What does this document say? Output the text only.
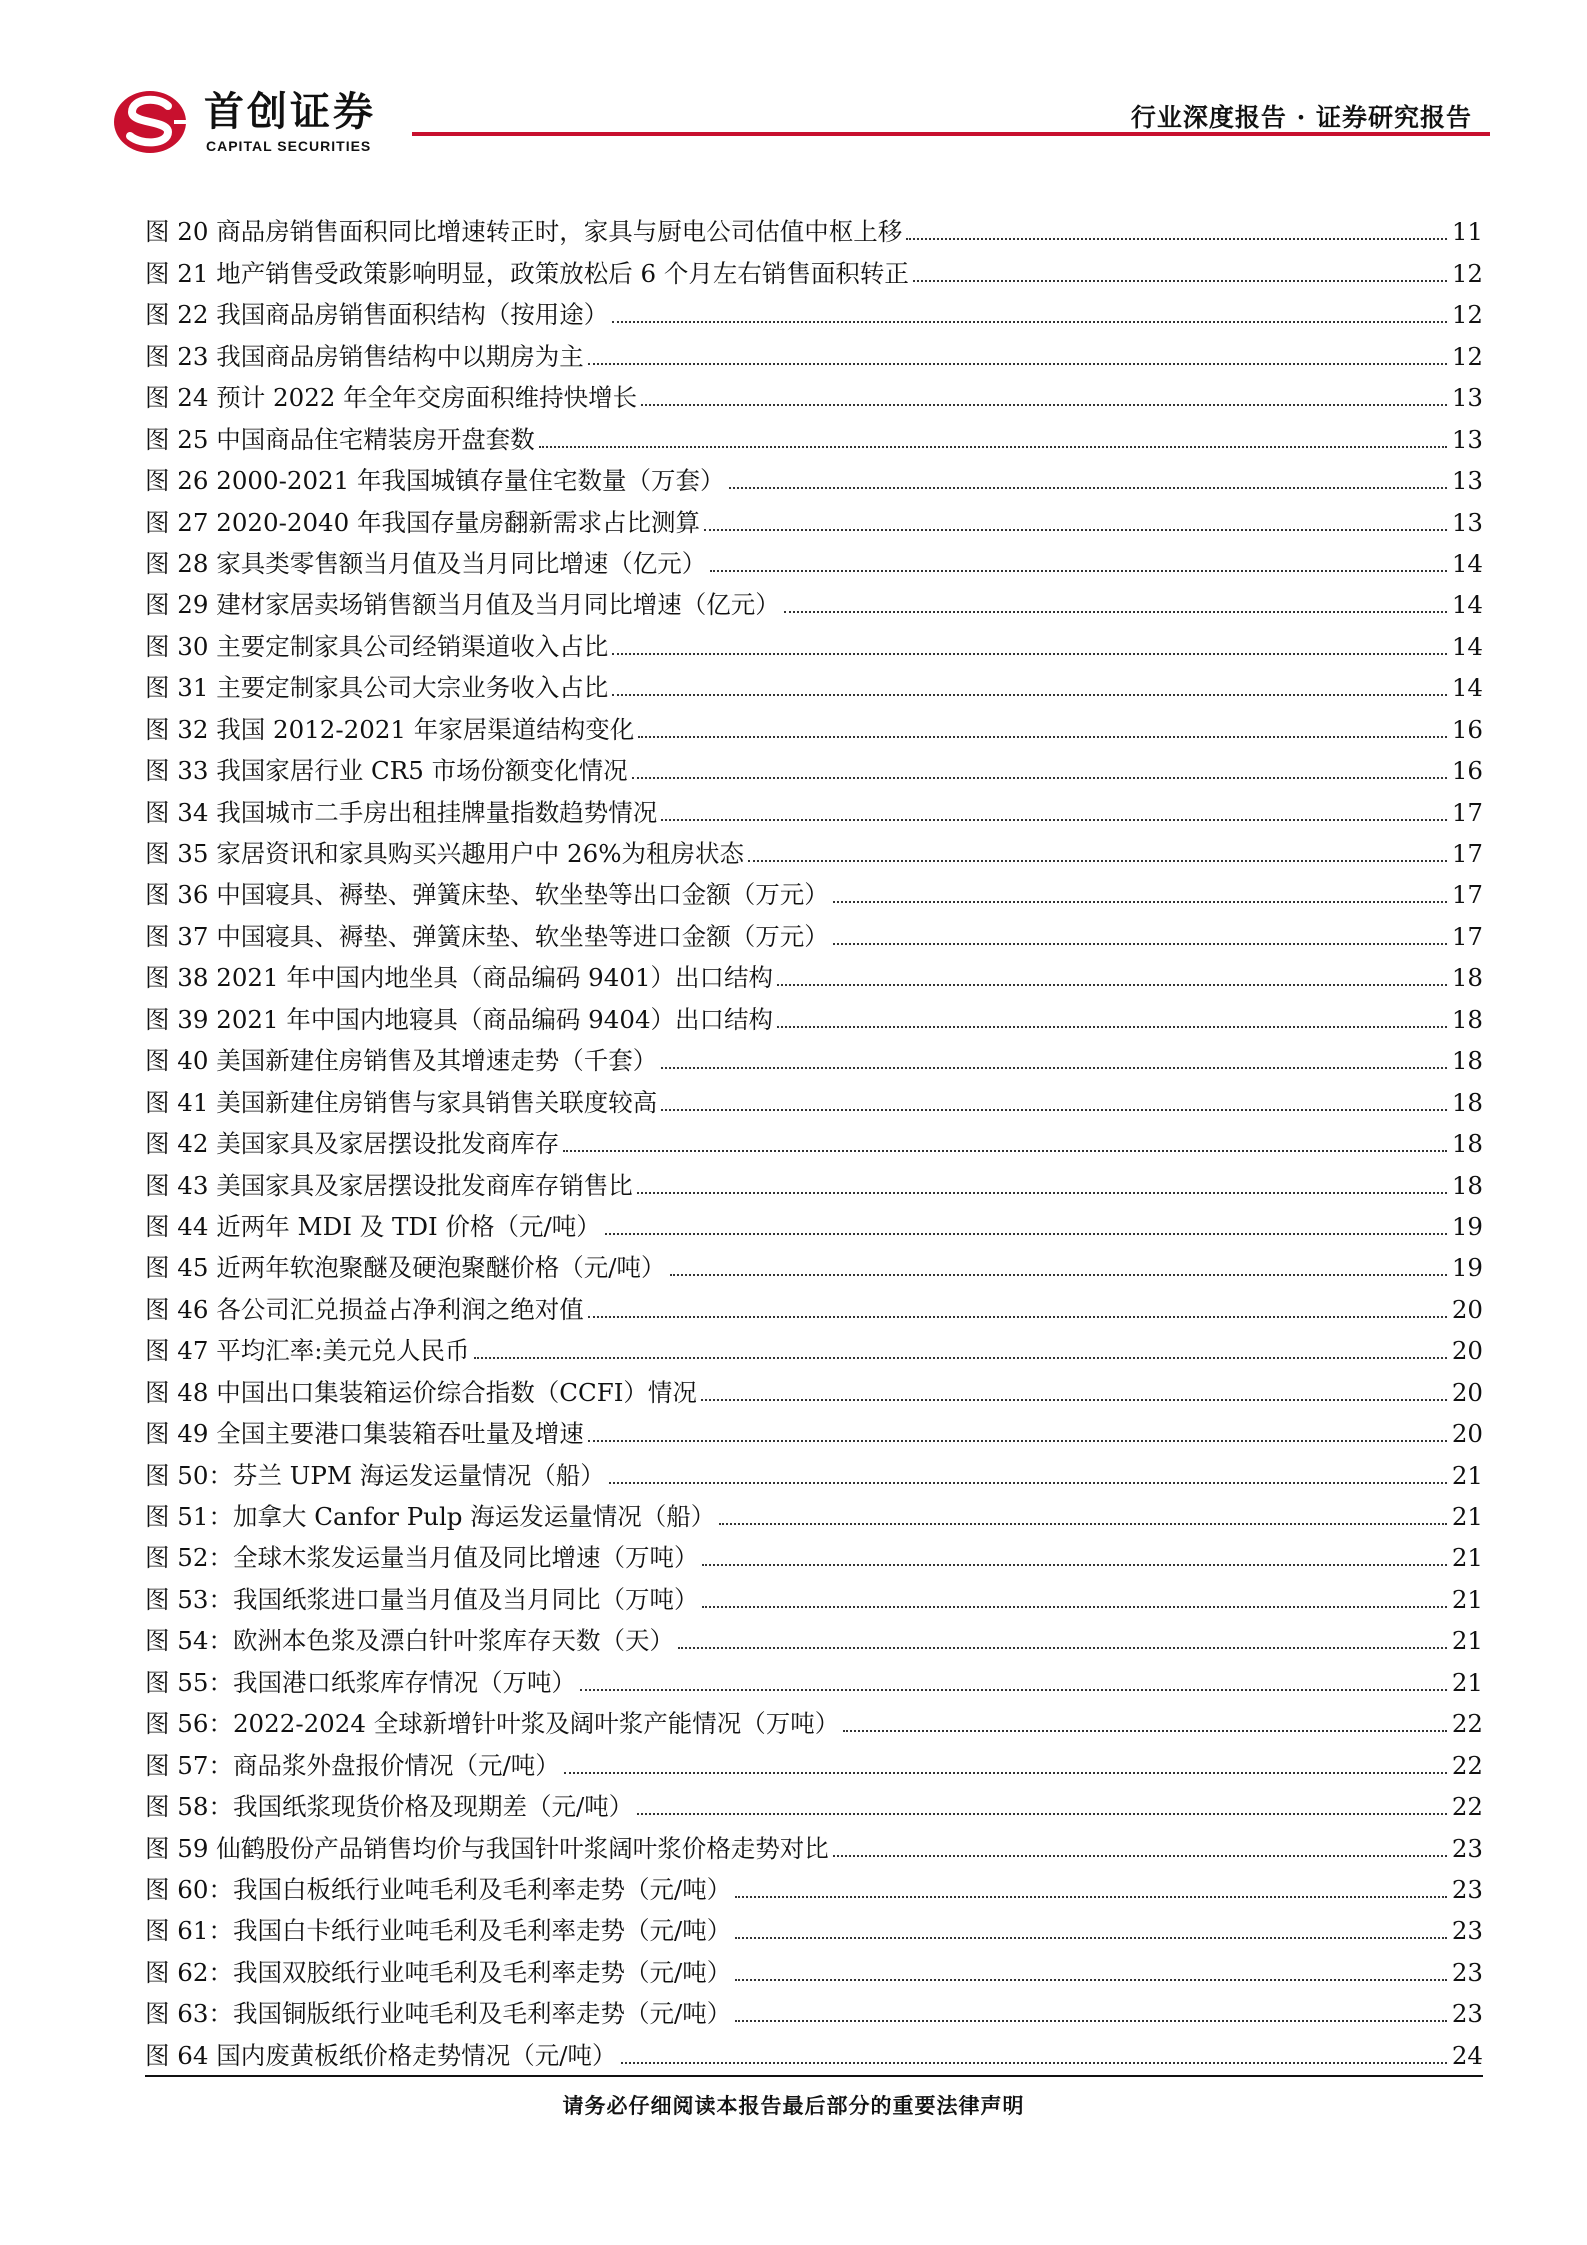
首创证券
CAPITAL SECURITIES
行业深度报告 · 证券研究报告
图 20 商品房销售面积同比增速转正时，家具与厨电公司估值中枢上移	11
图 21 地产销售受政策影响明显，政策放松后 6 个月左右销售面积转正	12
图 22 我国商品房销售面积结构（按用途）	12
图 23 我国商品房销售结构中以期房为主	12
图 24 预计 2022 年全年交房面积维持快增长	13
图 25 中国商品住宅精装房开盘套数	13
图 26 2000-2021 年我国城镇存量住宅数量（万套）	13
图 27 2020-2040 年我国存量房翻新需求占比测算	13
图 28 家具类零售额当月值及当月同比增速（亿元）	14
图 29 建材家居卖场销售额当月值及当月同比增速（亿元）	14
图 30 主要定制家具公司经销渠道收入占比	14
图 31 主要定制家具公司大宗业务收入占比	14
图 32 我国 2012-2021 年家居渠道结构变化	16
图 33 我国家居行业 CR5 市场份额变化情况	16
图 34 我国城市二手房出租挂牌量指数趋势情况	17
图 35 家居资讯和家具购买兴趣用户中 26%为租房状态	17
图 36 中国寝具、褥垫、弹簧床垫、软坐垫等出口金额（万元）	17
图 37 中国寝具、褥垫、弹簧床垫、软坐垫等进口金额（万元）	17
图 38 2021 年中国内地坐具（商品编码 9401）出口结构	18
图 39 2021 年中国内地寝具（商品编码 9404）出口结构	18
图 40 美国新建住房销售及其增速走势（千套）	18
图 41 美国新建住房销售与家具销售关联度较高	18
图 42 美国家具及家居摆设批发商库存	18
图 43 美国家具及家居摆设批发商库存销售比	18
图 44 近两年 MDI 及 TDI 价格（元/吨）	19
图 45 近两年软泡聚醚及硬泡聚醚价格（元/吨）	19
图 46 各公司汇兑损益占净利润之绝对值	20
图 47 平均汇率:美元兑人民币	20
图 48 中国出口集装箱运价综合指数（CCFI）情况	20
图 49 全国主要港口集装箱吞吐量及增速	20
图 50：芬兰 UPM 海运发运量情况（船）	21
图 51：加拿大 Canfor Pulp 海运发运量情况（船）	21
图 52：全球木浆发运量当月值及同比增速（万吨）	21
图 53：我国纸浆进口量当月值及当月同比（万吨）	21
图 54：欧洲本色浆及漂白针叶浆库存天数（天）	21
图 55：我国港口纸浆库存情况（万吨）	21
图 56：2022-2024 全球新增针叶浆及阔叶浆产能情况（万吨）	22
图 57：商品浆外盘报价情况（元/吨）	22
图 58：我国纸浆现货价格及现期差（元/吨）	22
图 59 仙鹤股份产品销售均价与我国针叶浆阔叶浆价格走势对比	23
图 60：我国白板纸行业吨毛利及毛利率走势（元/吨）	23
图 61：我国白卡纸行业吨毛利及毛利率走势（元/吨）	23
图 62：我国双胶纸行业吨毛利及毛利率走势（元/吨）	23
图 63：我国铜版纸行业吨毛利及毛利率走势（元/吨）	23
图 64 国内废黄板纸价格走势情况（元/吨）	24
请务必仔细阅读本报告最后部分的重要法律声明
